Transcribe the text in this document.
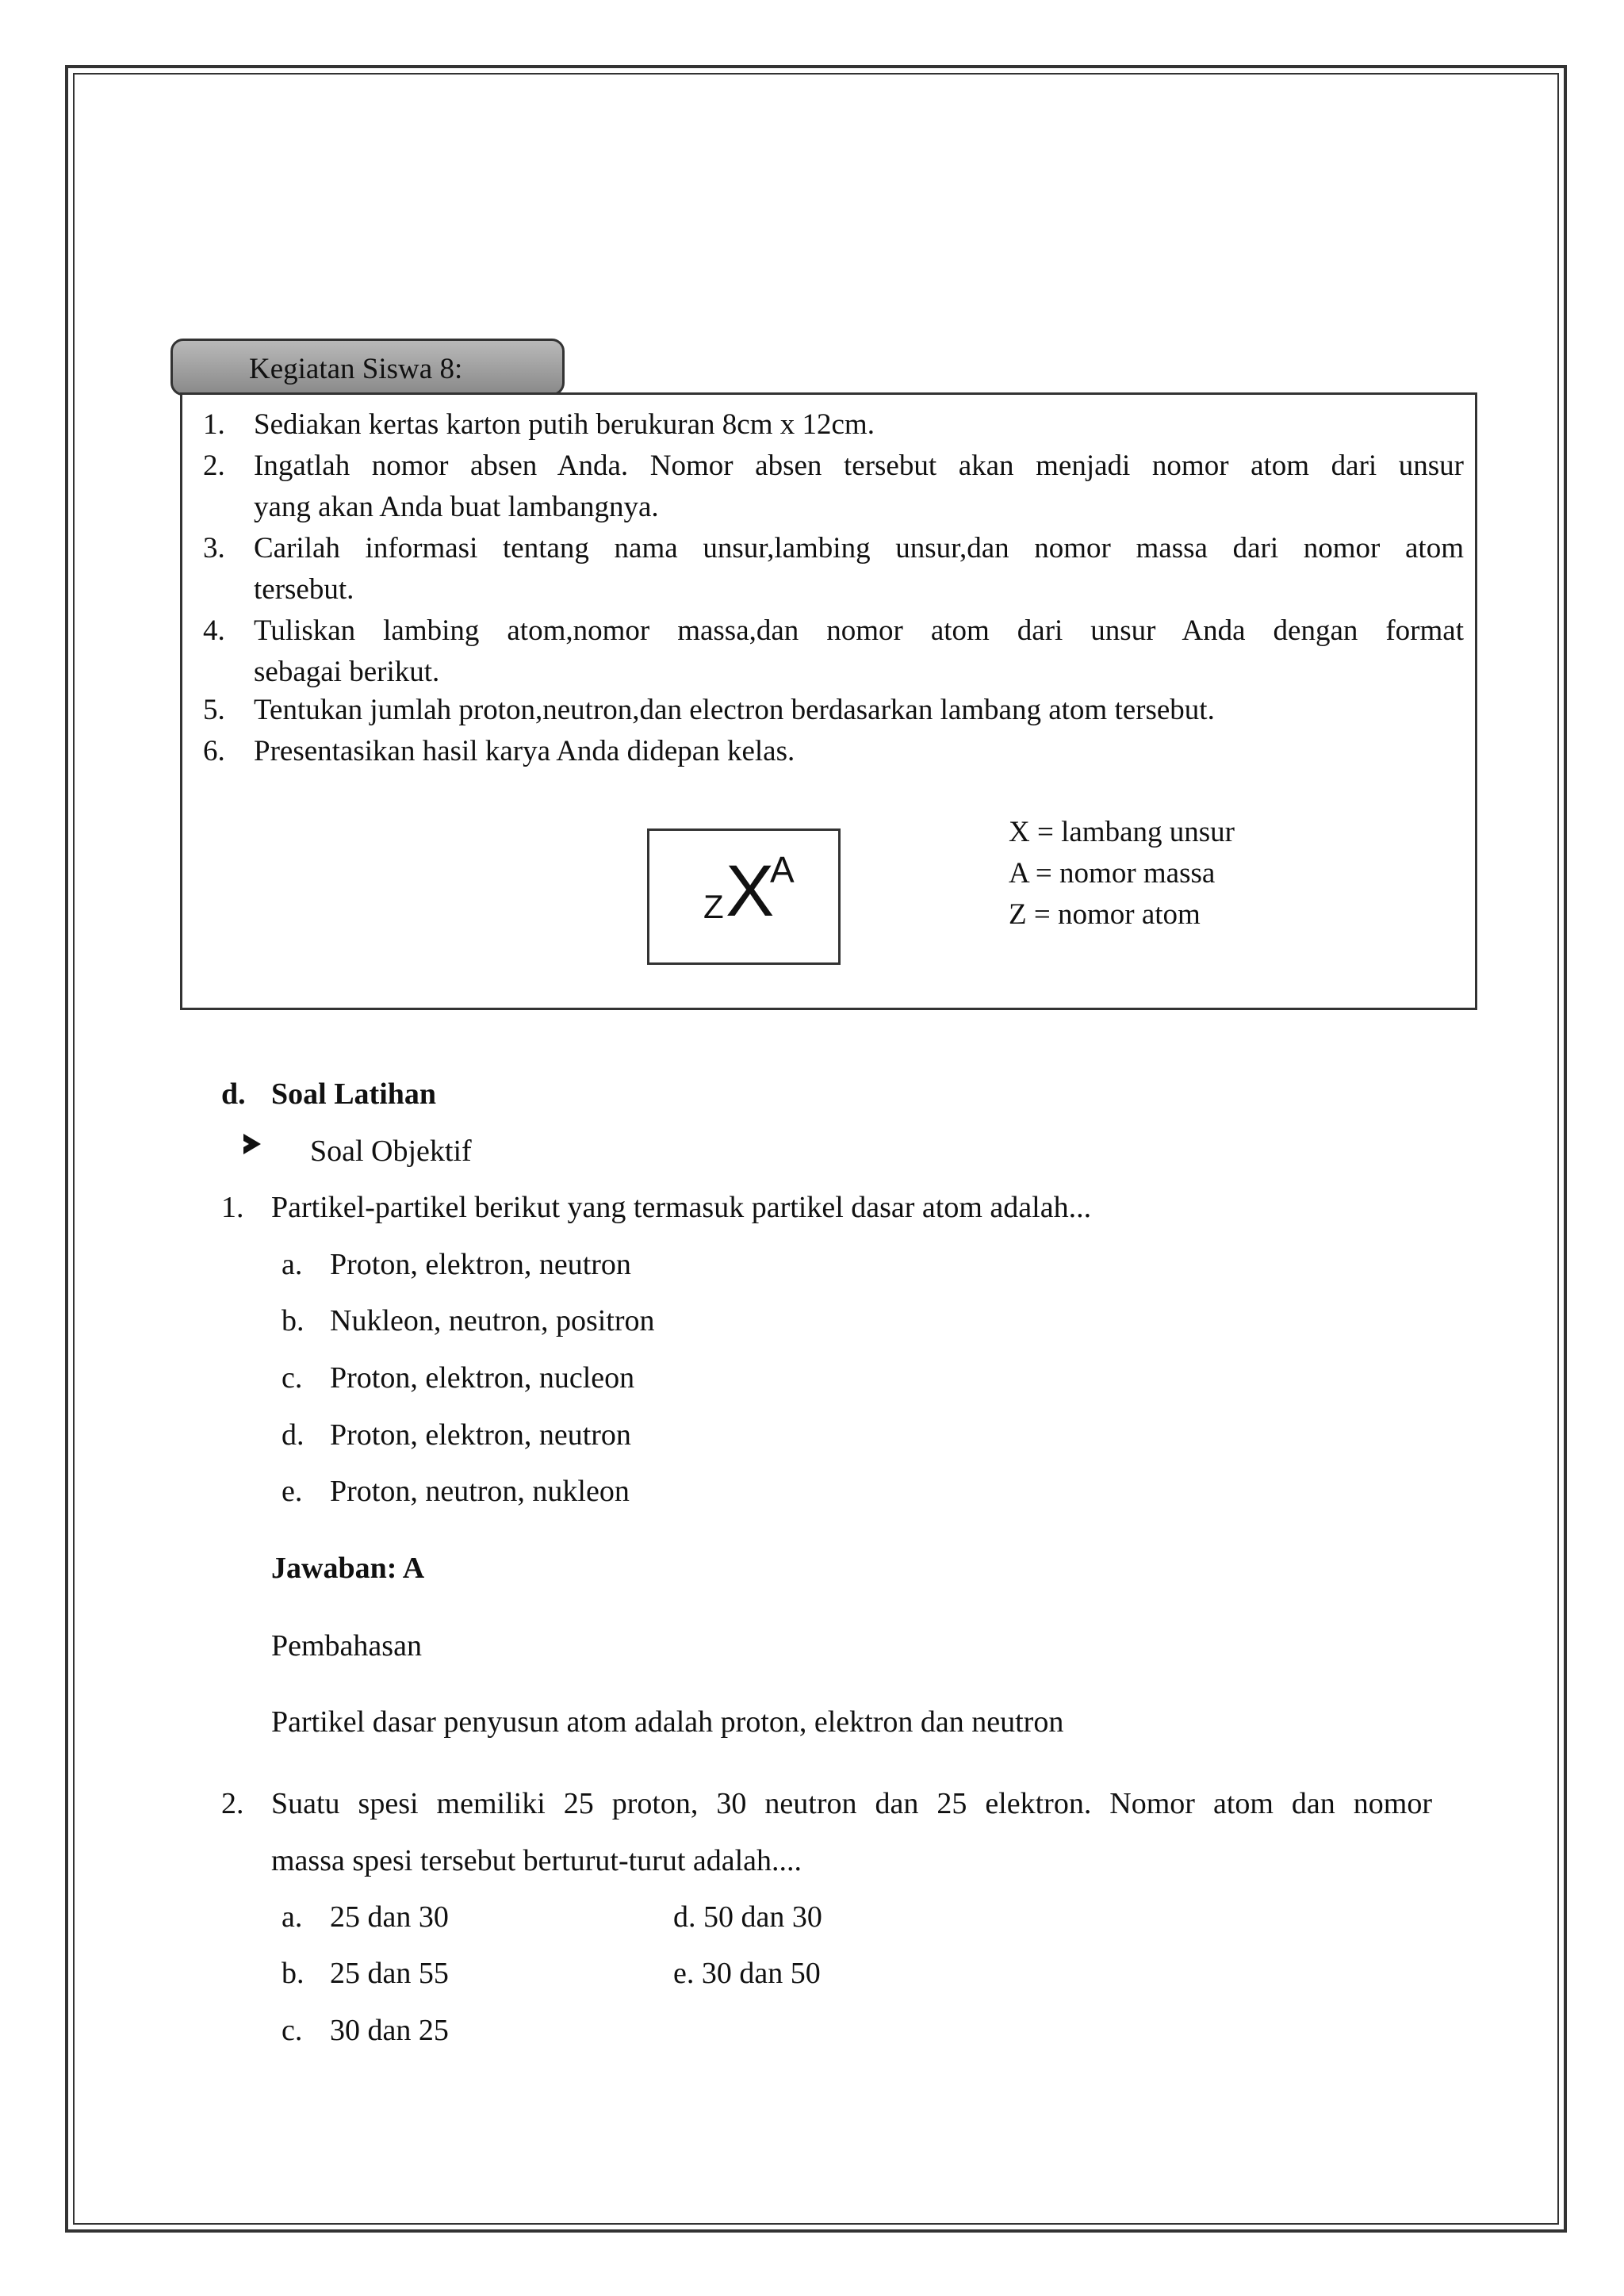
Kegiatan Siswa 8:
1. Sediakan kertas karton putih berukuran 8cm x 12cm.
2. Ingatlah nomor absen Anda. Nomor absen tersebut akan menjadi nomor atom dari unsur
yang akan Anda buat lambangnya.
3. Carilah informasi tentang nama unsur,lambing unsur,dan nomor massa dari nomor atom
tersebut.
4. Tuliskan lambing atom,nomor massa,dan nomor atom dari unsur Anda dengan format
sebagai berikut.
5. Tentukan jumlah proton,neutron,dan electron berdasarkan lambang atom tersebut.
6. Presentasikan hasil karya Anda didepan kelas.
Z X
A
X = lambang unsur
A = nomor massa
Z = nomor atom
d. Soal Latihan
Soal Objektif
1. Partikel-partikel berikut yang termasuk partikel dasar atom adalah...
a. Proton, elektron, neutron
b. Nukleon, neutron, positron
c. Proton, elektron, nucleon
d. Proton, elektron, neutron
e. Proton, neutron, nukleon
Jawaban: A
Pembahasan
Partikel dasar penyusun atom adalah proton, elektron dan neutron
2. Suatu spesi memiliki 25 proton, 30 neutron dan 25 elektron. Nomor atom dan nomor
massa spesi tersebut berturut-turut adalah....
a. 25 dan 30	d. 50 dan 30
b. 25 dan 55	e. 30 dan 50
c. 30 dan 25
